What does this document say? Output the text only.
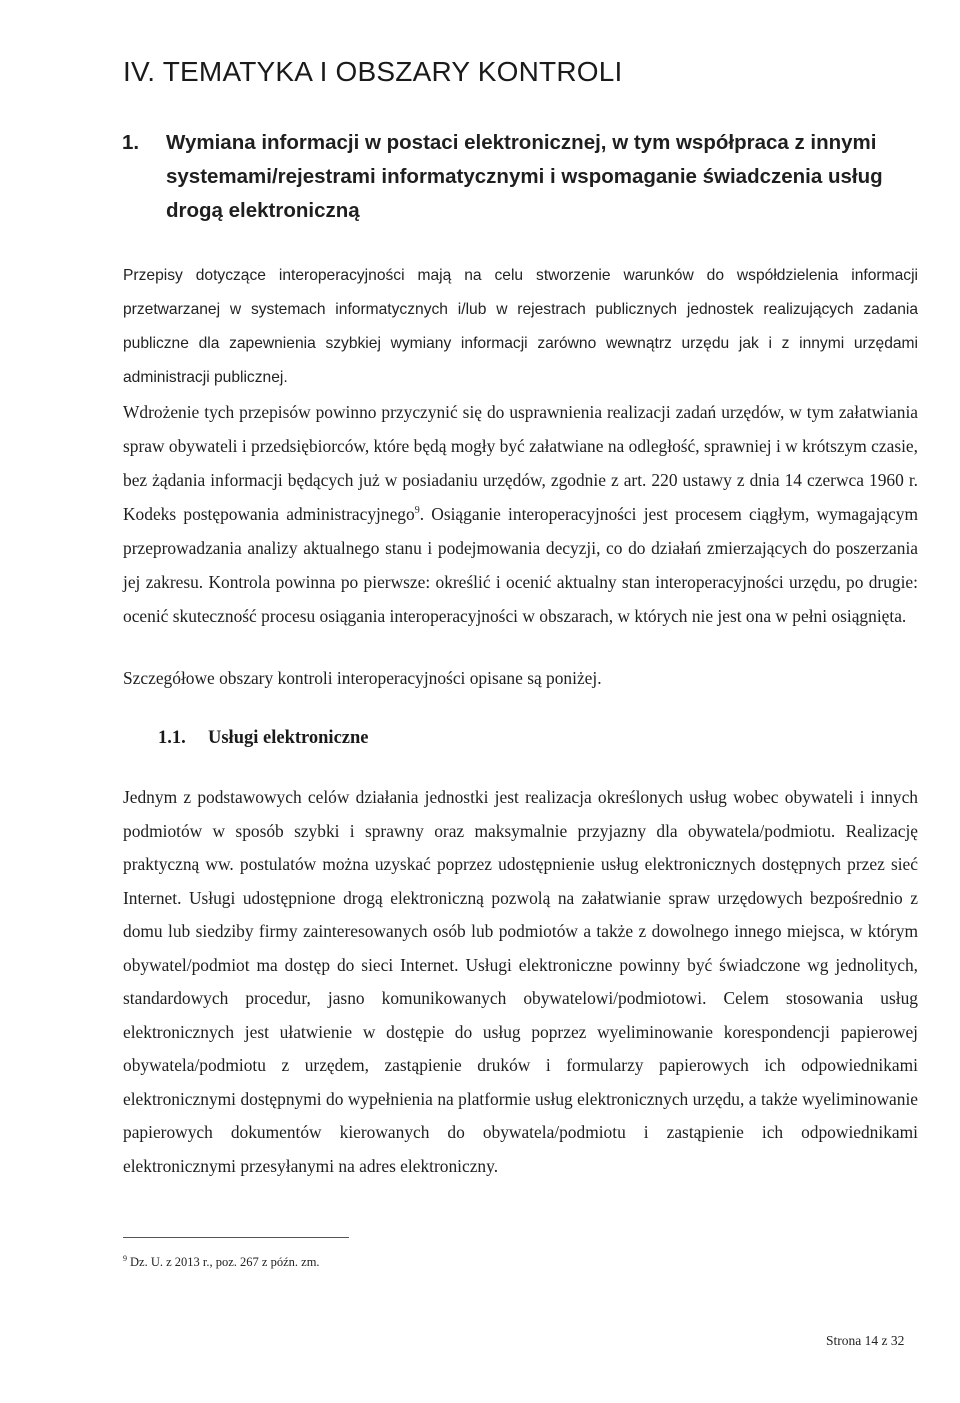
IV. TEMATYKA I OBSZARY KONTROLI
1.	Wymiana informacji w postaci elektronicznej, w tym współpraca z innymi systemami/rejestrami informatycznymi i wspomaganie świadczenia usług drogą elektroniczną

Przepisy dotyczące interoperacyjności mają na celu stworzenie warunków do współdzielenia informacji przetwarzanej w systemach informatycznych i/lub w rejestrach publicznych jednostek realizujących zadania publiczne dla zapewnienia szybkiej wymiany informacji zarówno wewnątrz urzędu jak i z innymi urzędami administracji publicznej.

Wdrożenie tych przepisów powinno przyczynić się do usprawnienia realizacji zadań urzędów, w tym załatwiania spraw obywateli i przedsiębiorców, które będą mogły być załatwiane na odległość, sprawniej i w krótszym czasie, bez żądania informacji będących już w posiadaniu urzędów, zgodnie z art. 220 ustawy z dnia 14 czerwca 1960 r. Kodeks postępowania administracyjnego$^9$. Osiąganie interoperacyjności jest procesem ciągłym, wymagającym przeprowadzania analizy aktualnego stanu i podejmowania decyzji, co do działań zmierzających do poszerzania jej zakresu. Kontrola powinna po pierwsze: określić i ocenić aktualny stan interoperacyjności urzędu, po drugie: ocenić skuteczność procesu osiągania interoperacyjności w obszarach, w których nie jest ona w pełni osiągnięta.

Szczegółowe obszary kontroli interoperacyjności opisane są poniżej.

1.1. Usługi elektroniczne

Jednym z podstawowych celów działania jednostki jest realizacja określonych usług wobec obywateli i innych podmiotów w sposób szybki i sprawny oraz maksymalnie przyjazny dla obywatela/podmiotu. Realizację praktyczną ww. postulatów można uzyskać poprzez udostępnienie usług elektronicznych dostępnych przez sieć Internet. Usługi udostępnione drogą elektroniczną pozwolą na załatwianie spraw urzędowych bezpośrednio z domu lub siedziby firmy zainteresowanych osób lub podmiotów a także z dowolnego innego miejsca, w którym obywatel/podmiot ma dostęp do sieci Internet. Usługi elektroniczne powinny być świadczone wg jednolitych, standardowych procedur, jasno komunikowanych obywatelowi/podmiotowi. Celem stosowania usług elektronicznych jest ułatwienie w dostępie do usług poprzez wyeliminowanie korespondencji papierowej obywatela/podmiotu z urzędem, zastąpienie druków i formularzy papierowych ich odpowiednikami elektronicznymi dostępnymi do wypełnienia na platformie usług elektronicznych urzędu, a także wyeliminowanie papierowych dokumentów kierowanych do obywatela/podmiotu i zastąpienie ich odpowiednikami elektronicznymi przesyłanymi na adres elektroniczny.

$^9$ Dz. U. z 2013 r., poz. 267 z późn. zm.

Strona 14 z 32
